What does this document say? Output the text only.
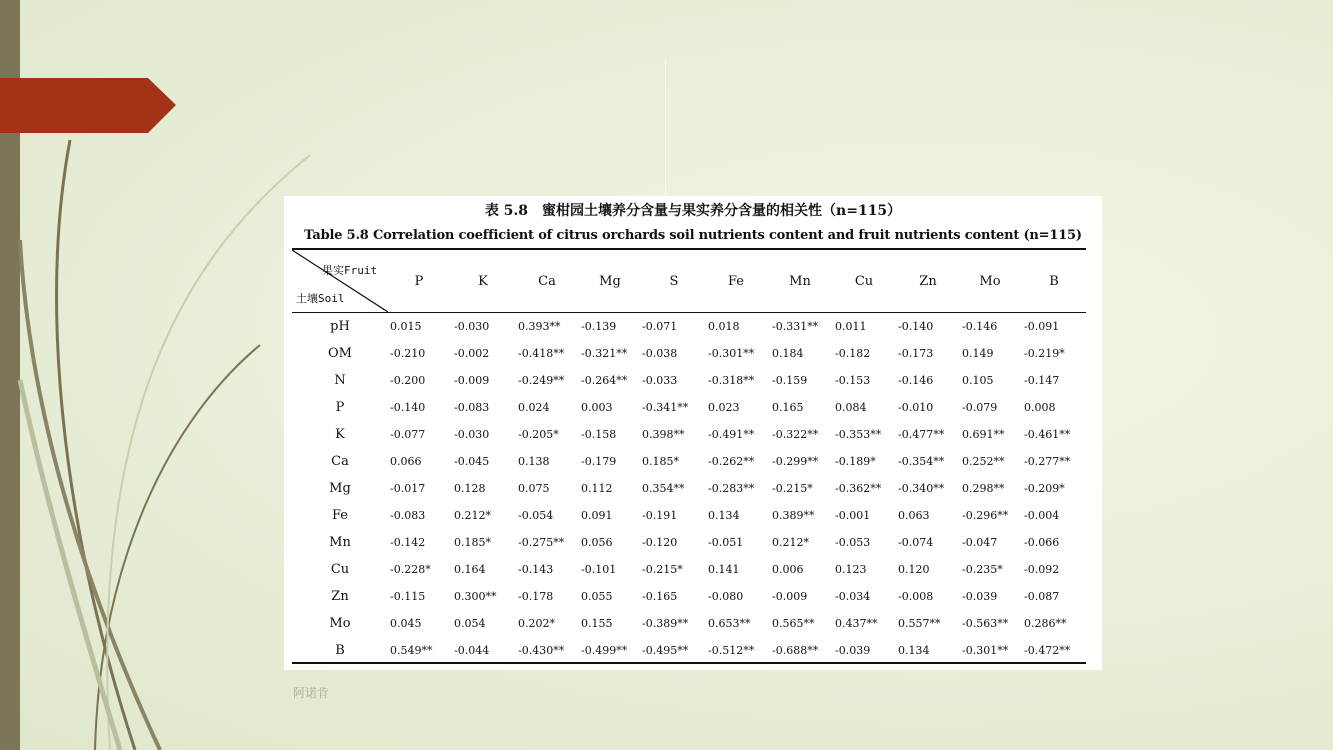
表 5.8　蜜柑园土壤养分含量与果实养分含量的相关性（n=115）
Table 5.8 Correlation coefficient of citrus orchards soil nutrients content and fruit nutrients content (n=115)
果实Fruit
土壤Soil
P	K	Ca	Mg	S	Fe	Mn	Cu	Zn	Mo	B
pH	0.015	-0.030	0.393**	-0.139	-0.071	0.018	-0.331**	0.011	-0.140	-0.146	-0.091
OM	-0.210	-0.002	-0.418**	-0.321**	-0.038	-0.301**	0.184	-0.182	-0.173	0.149	-0.219*
N	-0.200	-0.009	-0.249**	-0.264**	-0.033	-0.318**	-0.159	-0.153	-0.146	0.105	-0.147
P	-0.140	-0.083	0.024	0.003	-0.341**	0.023	0.165	0.084	-0.010	-0.079	0.008
K	-0.077	-0.030	-0.205*	-0.158	0.398**	-0.491**	-0.322**	-0.353**	-0.477**	0.691**	-0.461**
Ca	0.066	-0.045	0.138	-0.179	0.185*	-0.262**	-0.299**	-0.189*	-0.354**	0.252**	-0.277**
Mg	-0.017	0.128	0.075	0.112	0.354**	-0.283**	-0.215*	-0.362**	-0.340**	0.298**	-0.209*
Fe	-0.083	0.212*	-0.054	0.091	-0.191	0.134	0.389**	-0.001	0.063	-0.296**	-0.004
Mn	-0.142	0.185*	-0.275**	0.056	-0.120	-0.051	0.212*	-0.053	-0.074	-0.047	-0.066
Cu	-0.228*	0.164	-0.143	-0.101	-0.215*	0.141	0.006	0.123	0.120	-0.235*	-0.092
Zn	-0.115	0.300**	-0.178	0.055	-0.165	-0.080	-0.009	-0.034	-0.008	-0.039	-0.087
Mo	0.045	0.054	0.202*	0.155	-0.389**	0.653**	0.565**	0.437**	0.557**	-0.563**	0.286**
B	0.549**	-0.044	-0.430**	-0.499**	-0.495**	-0.512**	-0.688**	-0.039	0.134	-0.301**	-0.472**
阿诺肯
